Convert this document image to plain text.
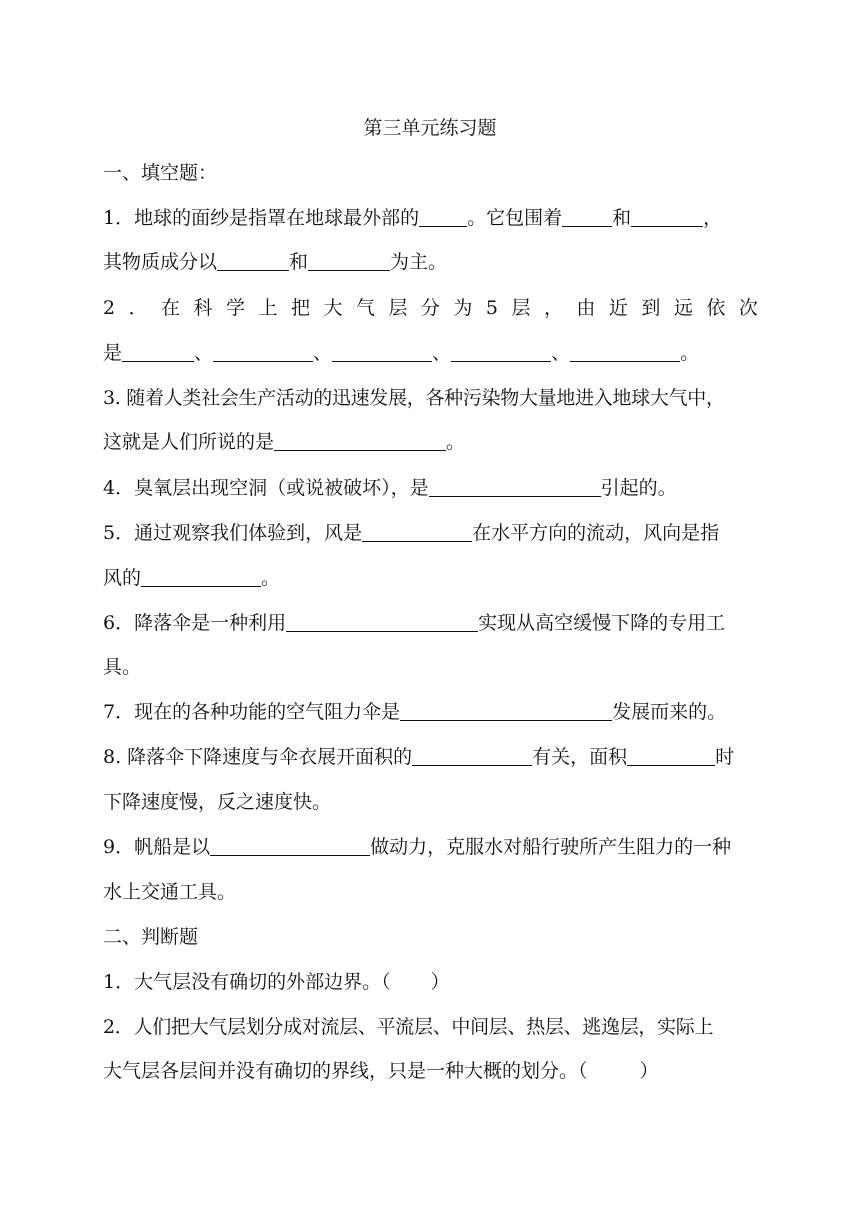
第三单元练习题
一、填空题：
1．地球的面纱是指罩在地球最外部的	。它包围着	和	，
其物质成分以	和	为主。
2 ． 在 科 学 上 把 大 气 层 分 为 5 层 ， 由 近 到 远 依 次
是	、	、	、	、	。
3. 随着人类社会生产活动的迅速发展，各种污染物大量地进入地球大气中，
这就是人们所说的是	。
4．臭氧层出现空洞（或说被破坏），是	引起的。
5．通过观察我们体验到，风是	在水平方向的流动，风向是指
风的	。
6．降落伞是一种利用	实现从高空缓慢下降的专用工
具。
7．现在的各种功能的空气阻力伞是	发展而来的。
8. 降落伞下降速度与伞衣展开面积的	有关，面积	时
下降速度慢，反之速度快。
9．帆船是以	做动力，克服水对船行驶所产生阻力的一种
水上交通工具。
二、判断题
1．大气层没有确切的外部边界。（ ）
2．人们把大气层划分成对流层、平流层、中间层、热层、逃逸层，实际上
大气层各层间并没有确切的界线，只是一种大概的划分。（	）
